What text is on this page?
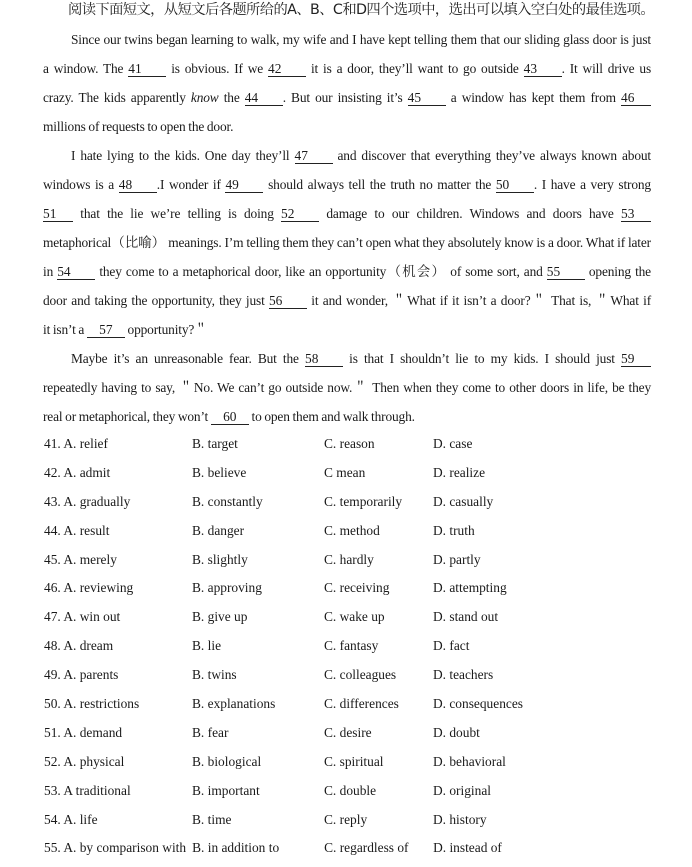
阅读下面短文，从短文后各题所给的A、B、C和D四个选项中，选出可以填入空白处的最佳选项。
Since our twins began learning to walk, my wife and I have kept telling them that our sliding glass door is just
a window. The 41 is obvious. If we 42 it is a door, they’ll want to go outside 43 . It will drive us
crazy. The kids apparently know the 44 . But our insisting it’s 45 a window has kept them from 46
millions of requests to open the door.
I hate lying to the kids. One day they’ll 47 and discover that everything they’ve always known about
windows is a 48 .I wonder if 49 should always tell the truth no matter the 50 . I have a very strong
51 that the lie we’re telling is doing 52 damage to our children. Windows and doors have 53
metaphorical（比喻） meanings. I’m telling them they can’t open what they absolutely know is a door. What if later
in 54 they come to a metaphorical door, like an opportunity（机会） of some sort, and 55 opening the
door and taking the opportunity, they just 56 it and wonder, ＂What if it isn’t a door?＂ That is, ＂What if
it isn’t a 57 opportunity?＂
Maybe it’s an unreasonable fear. But the 58 is that I shouldn’t lie to my kids. I should just 59
repeatedly having to say, ＂No. We can’t go outside now.＂ Then when they come to other doors in life, be they
real or metaphorical, they won’t 60 to open them and walk through.
41. A. relief	B. target	C. reason	D. case
42. A. admit	B. believe	C mean	D. realize
43. A. gradually	B. constantly	C. temporarily	D. casually
44. A. result	B. danger	C. method	D. truth
45. A. merely	B. slightly	C. hardly	D. partly
46. A. reviewing	B. approving	C. receiving	D. attempting
47. A. win out	B. give up	C. wake up	D. stand out
48. A. dream	B. lie	C. fantasy	D. fact
49. A. parents	B. twins	C. colleagues	D. teachers
50. A. restrictions	B. explanations	C. differences	D. consequences
51. A. demand	B. fear	C. desire	D. doubt
52. A. physical	B. biological	C. spiritual	D. behavioral
53. A traditional	B. important	C. double	D. original
54. A. life	B. time	C. reply	D. history
55. A. by comparison with B. in addition to	C. regardless of	D. instead of
